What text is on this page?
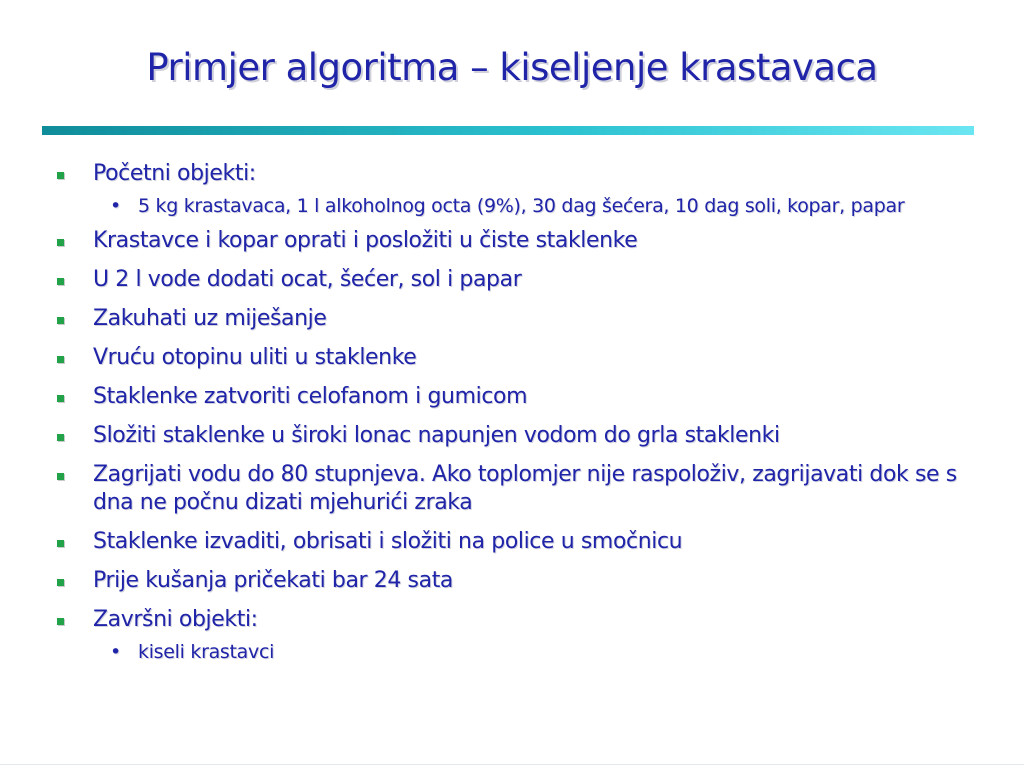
Primjer algoritma – kiseljenje krastavaca
Početni objekti:
• 5 kg krastavaca, 1 l alkoholnog octa (9%), 30 dag šećera, 10 dag soli, kopar, papar
Krastavce i kopar oprati i posložiti u čiste staklenke
U 2 l vode dodati ocat, šećer, sol i papar
Zakuhati uz miješanje
Vruću otopinu uliti u staklenke
Staklenke zatvoriti celofanom i gumicom
Složiti staklenke u široki lonac napunjen vodom do grla staklenki
Zagrijati vodu do 80 stupnjeva. Ako toplomjer nije raspoloživ, zagrijavati dok se s dna ne počnu dizati mjehurići zraka
Staklenke izvaditi, obrisati i složiti na police u smočnicu
Prije kušanja pričekati bar 24 sata
Završni objekti:
• kiseli krastavci
